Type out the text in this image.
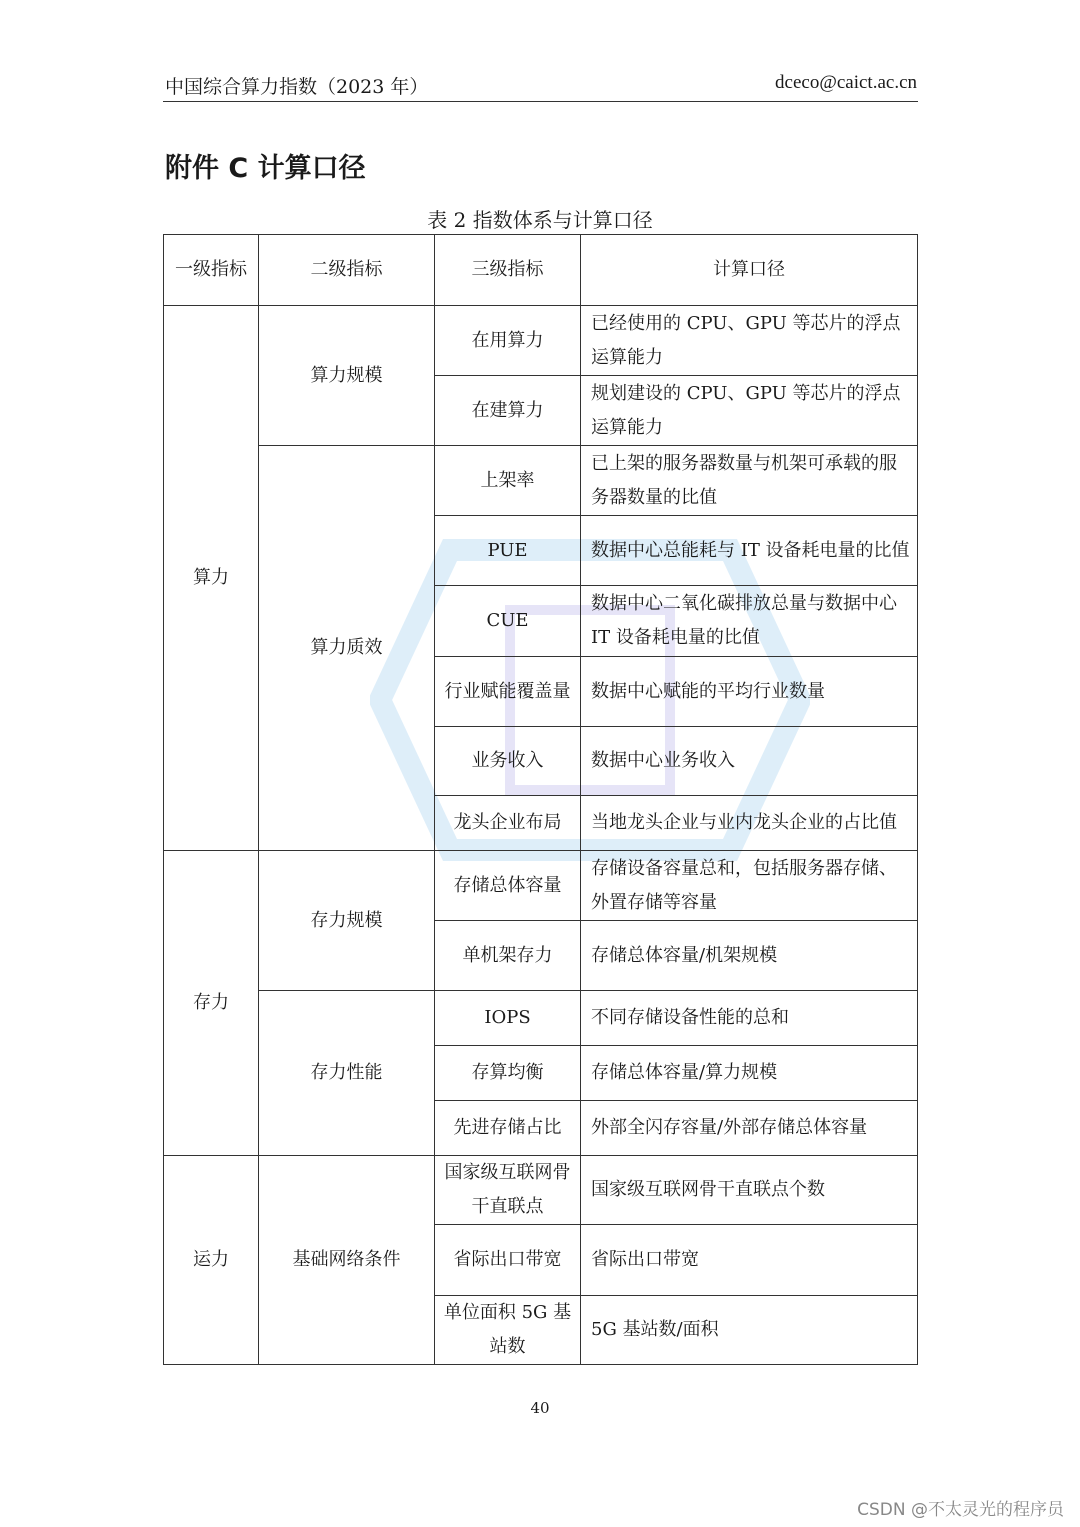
中国综合算力指数（2023 年）	dceco@caict.ac.cn
附件 C 计算口径
表 2 指数体系与计算口径
一级指标	二级指标	三级指标	计算口径
算力	算力规模	在用算力	已经使用的 CPU、GPU 等芯片的浮点运算能力
		在建算力	规划建设的 CPU、GPU 等芯片的浮点运算能力
	算力质效	上架率	已上架的服务器数量与机架可承载的服务器数量的比值
		PUE	数据中心总能耗与 IT 设备耗电量的比值
		CUE	数据中心二氧化碳排放总量与数据中心 IT 设备耗电量的比值
		行业赋能覆盖量	数据中心赋能的平均行业数量
		业务收入	数据中心业务收入
		龙头企业布局	当地龙头企业与业内龙头企业的占比值
存力	存力规模	存储总体容量	存储设备容量总和，包括服务器存储、外置存储等容量
		单机架存力	存储总体容量/机架规模
	存力性能	IOPS	不同存储设备性能的总和
		存算均衡	存储总体容量/算力规模
		先进存储占比	外部全闪存容量/外部存储总体容量
运力	基础网络条件	国家级互联网骨干直联点	国家级互联网骨干直联点个数
		省际出口带宽	省际出口带宽
		单位面积 5G 基站数	5G 基站数/面积
40
CSDN @不太灵光的程序员
